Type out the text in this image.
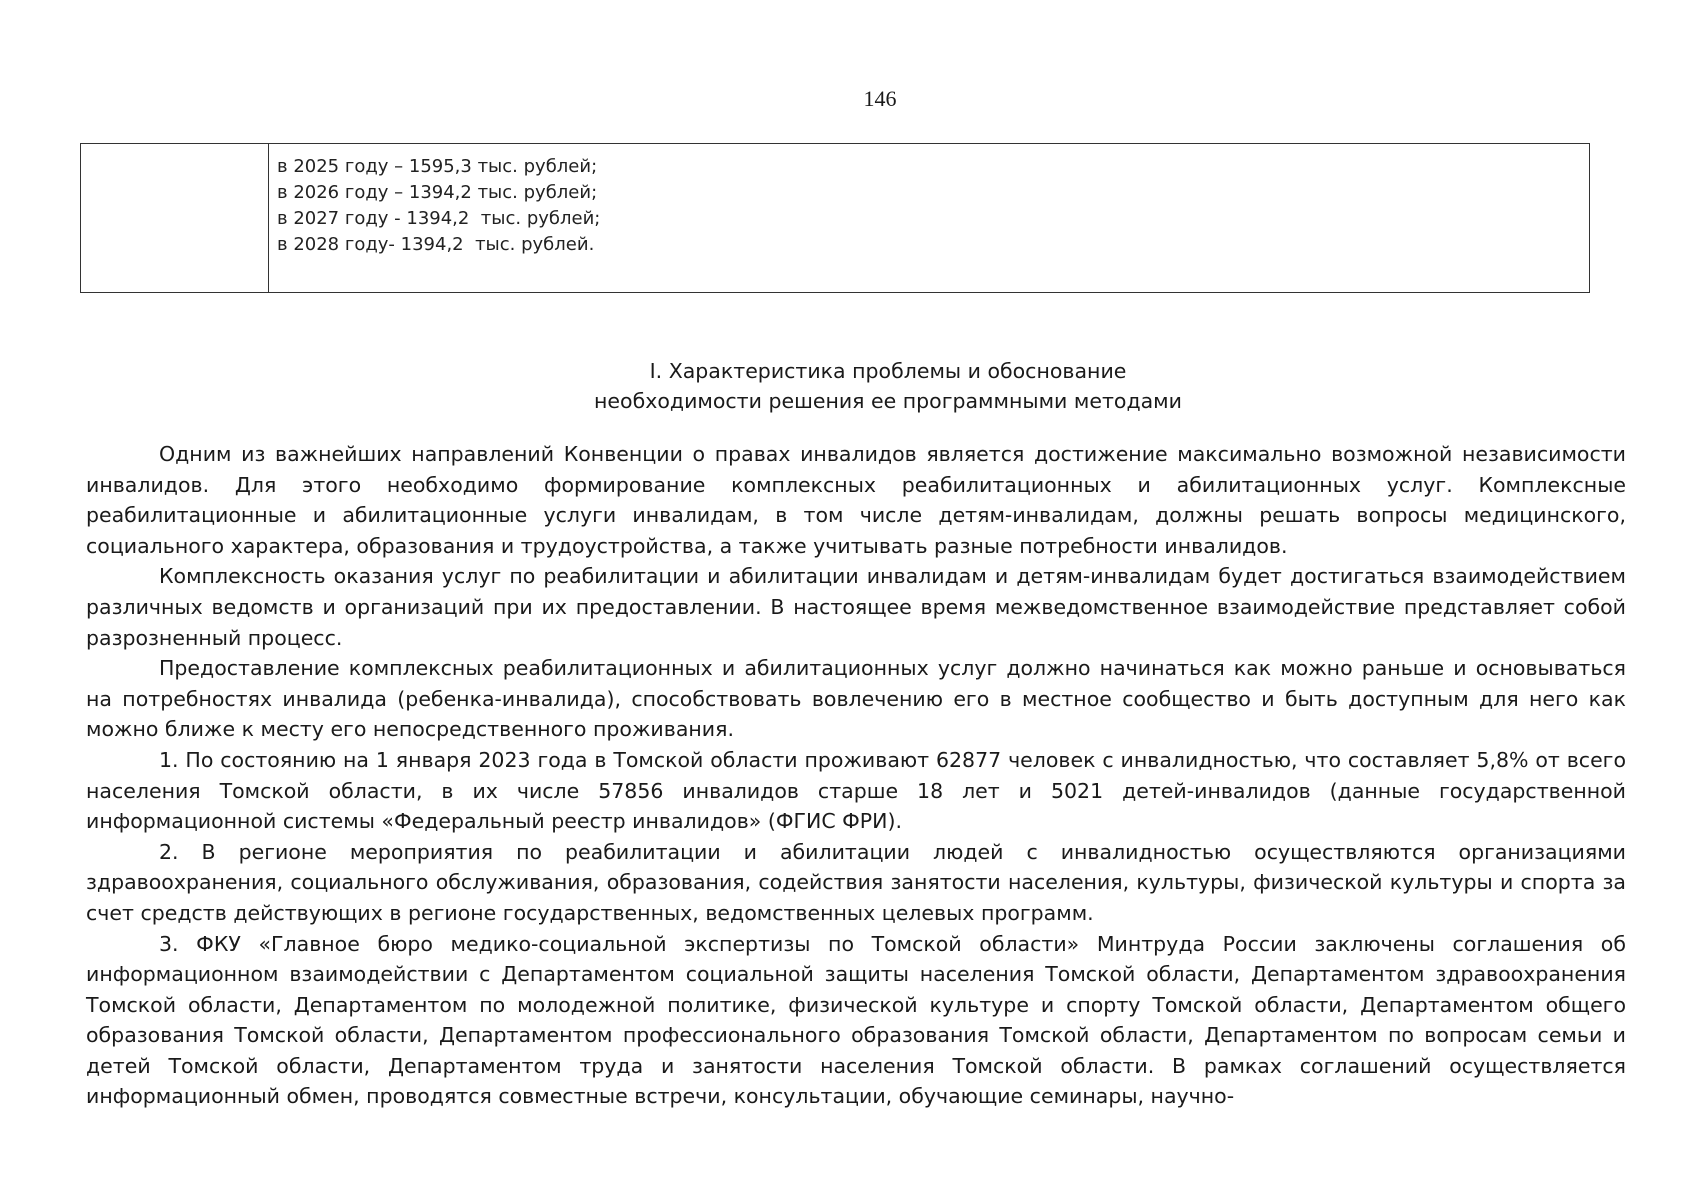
146
в 2025 году – 1595,3 тыс. рублей;
в 2026 году – 1394,2 тыс. рублей;
в 2027 году - 1394,2  тыс. рублей;
в 2028 году- 1394,2  тыс. рублей.
I. Характеристика проблемы и обоснование
необходимости решения ее программными методами

Одним из важнейших направлений Конвенции о правах инвалидов является достижение максимально возможной независимости инвалидов. Для этого необходимо формирование комплексных реабилитационных и абилитационных услуг. Комплексные реабилитационные и абилитационные услуги инвалидам, в том числе детям-инвалидам, должны решать вопросы медицинского, социального характера, образования и трудоустройства, а также учитывать разные потребности инвалидов.

Комплексность оказания услуг по реабилитации и абилитации инвалидам и детям-инвалидам будет достигаться взаимодействием различных ведомств и организаций при их предоставлении. В настоящее время межведомственное взаимодействие представляет собой разрозненный процесс.

Предоставление комплексных реабилитационных и абилитационных услуг должно начинаться как можно раньше и основываться на потребностях инвалида (ребенка-инвалида), способствовать вовлечению его в местное сообщество и быть доступным для него как можно ближе к месту его непосредственного проживания.

1. По состоянию на 1 января 2023 года в Томской области проживают 62877 человек с инвалидностью, что составляет 5,8% от всего населения Томской области, в их числе 57856 инвалидов старше 18 лет и 5021 детей-инвалидов (данные государственной информационной системы «Федеральный реестр инвалидов» (ФГИС ФРИ).

2. В регионе мероприятия по реабилитации и абилитации людей с инвалидностью осуществляются организациями здравоохранения, социального обслуживания, образования, содействия занятости населения, культуры, физической культуры и спорта за счет средств действующих в регионе государственных, ведомственных целевых программ.

3. ФКУ «Главное бюро медико-социальной экспертизы по Томской области» Минтруда России заключены соглашения об информационном взаимодействии с Департаментом социальной защиты населения Томской области, Департаментом здравоохранения Томской области, Департаментом по молодежной политике, физической культуре и спорту Томской области, Департаментом общего образования Томской области, Департаментом профессионального образования Томской области, Департаментом по вопросам семьи и детей Томской области, Департаментом труда и занятости населения Томской области. В рамках соглашений осуществляется информационный обмен, проводятся совместные встречи, консультации, обучающие семинары, научно-
